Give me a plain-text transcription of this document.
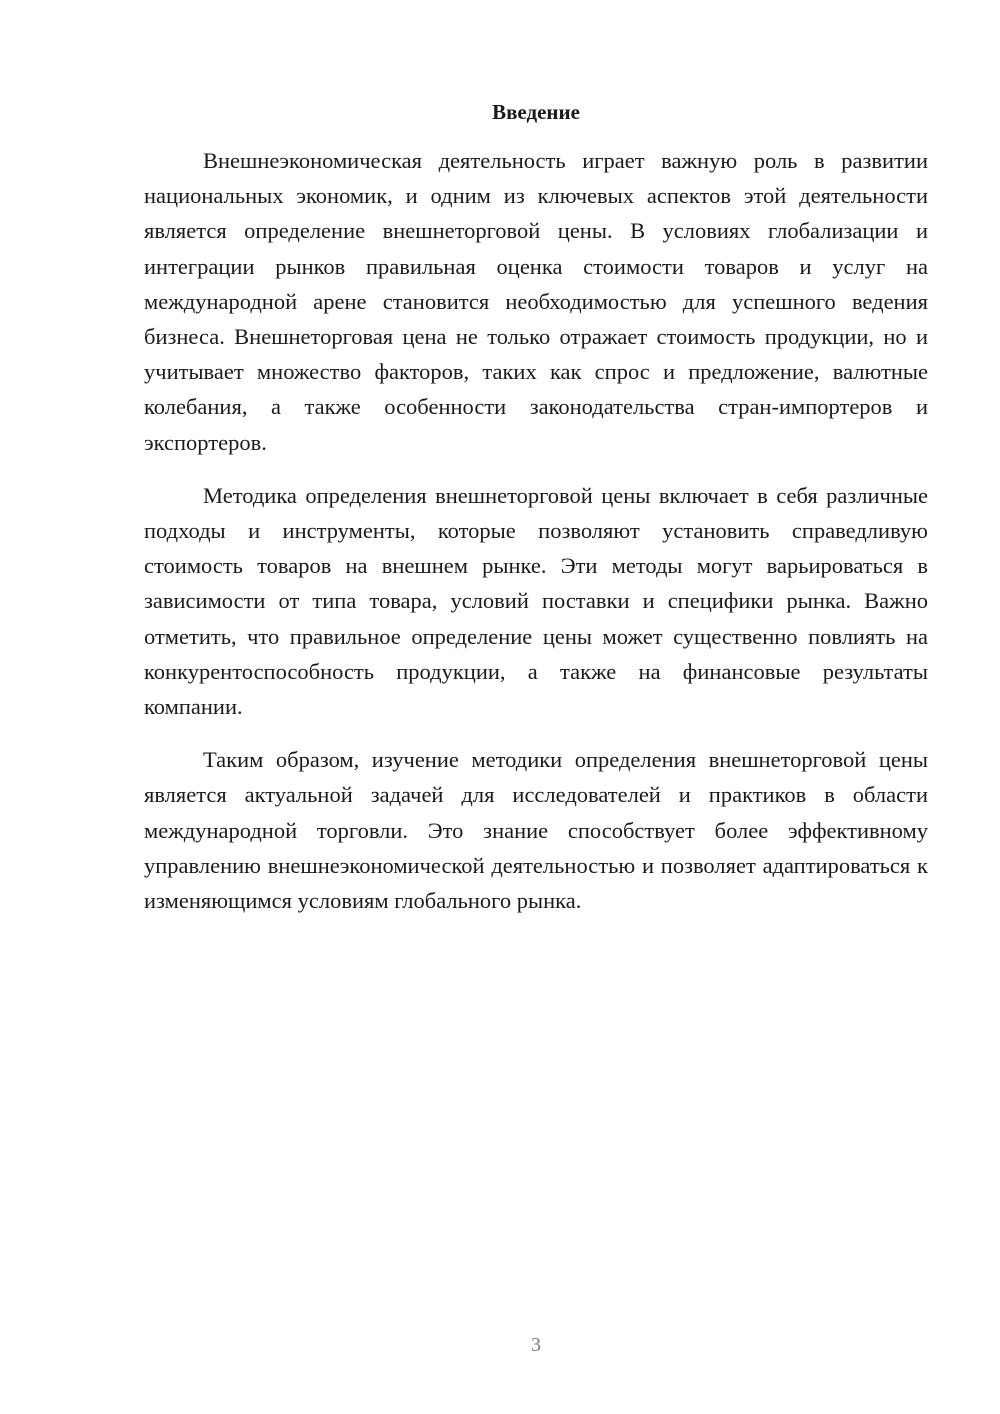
Введение

Внешнеэкономическая деятельность играет важную роль в развитии национальных экономик, и одним из ключевых аспектов этой деятельности является определение внешнеторговой цены. В условиях глобализации и интеграции рынков правильная оценка стоимости товаров и услуг на международной арене становится необходимостью для успешного ведения бизнеса. Внешнеторговая цена не только отражает стоимость продукции, но и учитывает множество факторов, таких как спрос и предложение, валютные колебания, а также особенности законодательства стран-импортеров и экспортеров.

Методика определения внешнеторговой цены включает в себя различные подходы и инструменты, которые позволяют установить справедливую стоимость товаров на внешнем рынке. Эти методы могут варьироваться в зависимости от типа товара, условий поставки и специфики рынка. Важно отметить, что правильное определение цены может существенно повлиять на конкурентоспособность продукции, а также на финансовые результаты компании.

Таким образом, изучение методики определения внешнеторговой цены является актуальной задачей для исследователей и практиков в области международной торговли. Это знание способствует более эффективному управлению внешнеэкономической деятельностью и позволяет адаптироваться к изменяющимся условиям глобального рынка.

3
